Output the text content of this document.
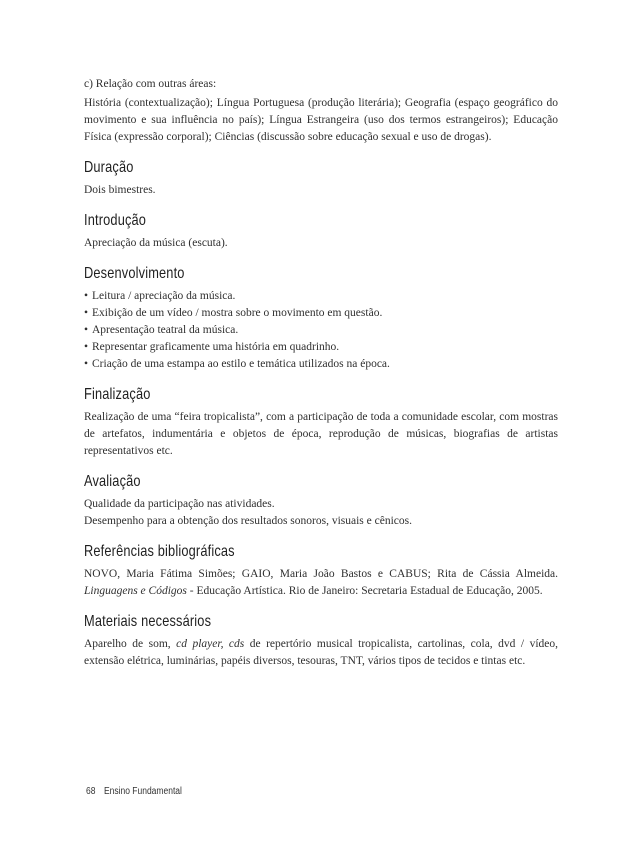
c) Relação com outras áreas:

História (contextualização); Língua Portuguesa (produção literária); Geografia (espaço geográfico do movimento e sua influência no país); Língua Estrangeira (uso dos termos estrangeiros); Educação Física (expressão corporal); Ciências (discussão sobre educação sexual e uso de drogas).

Duração

Dois bimestres.

Introdução

Apreciação da música (escuta).

Desenvolvimento
• Leitura / apreciação da música.
• Exibição de um vídeo / mostra sobre o movimento em questão.
• Apresentação teatral da música.
• Representar graficamente uma história em quadrinho.
• Criação de uma estampa ao estilo e temática utilizados na época.
Finalização

Realização de uma “feira tropicalista”, com a participação de toda a comunidade escolar, com mostras de artefatos, indumentária e objetos de época, reprodução de músicas, biografias de artistas representativos etc.

Avaliação

Qualidade da participação nas atividades.

Desempenho para a obtenção dos resultados sonoros, visuais e cênicos.

Referências bibliográficas

NOVO, Maria Fátima Simões; GAIO, Maria João Bastos e CABUS; Rita de Cássia Almeida. Linguagens e Códigos - Educação Artística. Rio de Janeiro: Secretaria Estadual de Educação, 2005.

Materiais necessários

Aparelho de som, cd player, cds de repertório musical tropicalista, cartolinas, cola, dvd / vídeo, extensão elétrica, luminárias, papéis diversos, tesouras, TNT, vários tipos de tecidos e tintas etc.

68 Ensino Fundamental
